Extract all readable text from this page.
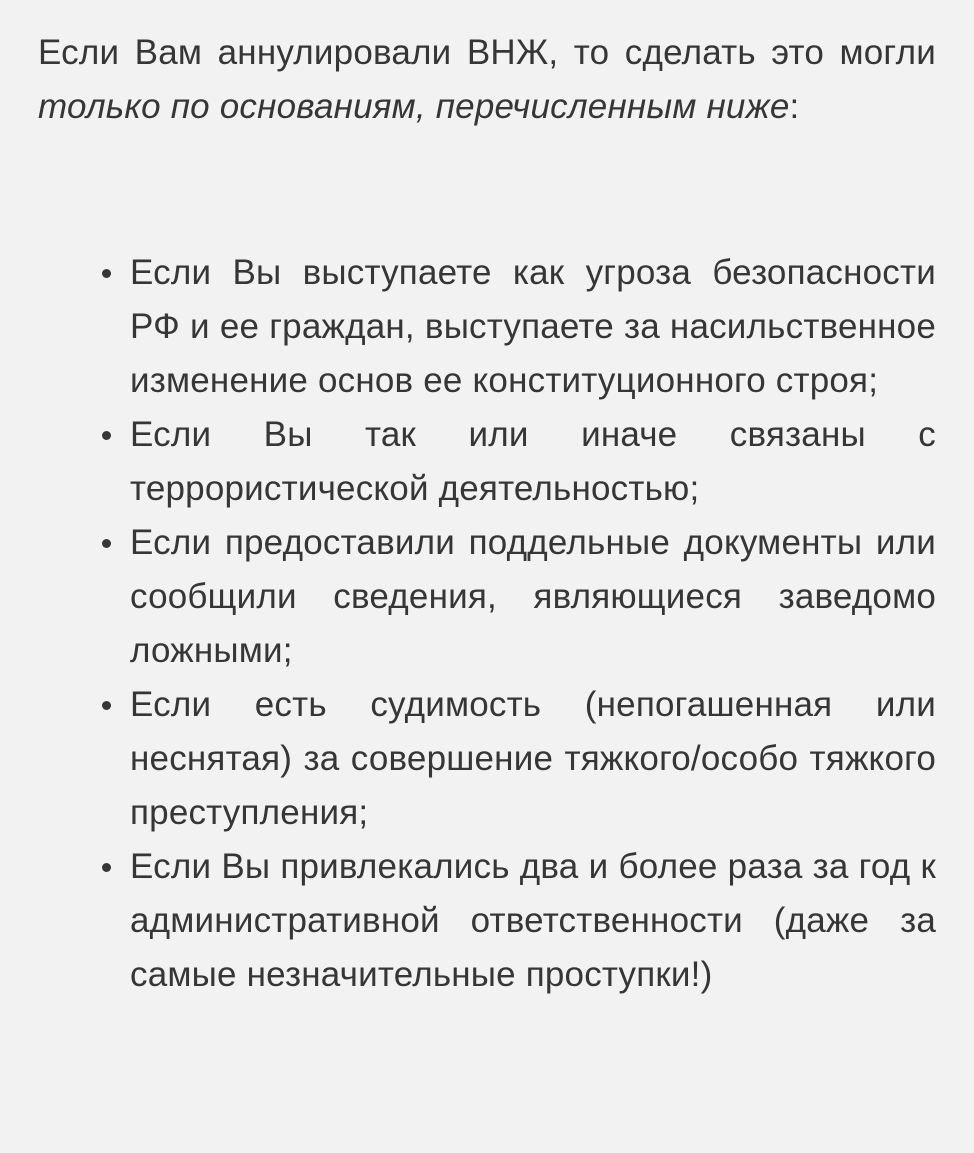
Если Вам аннулировали ВНЖ, то сделать это могли только по основаниям, перечисленным ниже:

Если Вы выступаете как угроза безопасности РФ и ее граждан, выступаете за насильственное изменение основ ее конституционного строя;
Если Вы так или иначе связаны с террористической деятельностью;
Если предоставили поддельные документы или сообщили сведения, являющиеся заведомо ложными;
Если есть судимость (непогашенная или неснятая) за совершение тяжкого/особо тяжкого преступления;
Если Вы привлекались два и более раза за год к административной ответственности (даже за самые незначительные проступки!)
